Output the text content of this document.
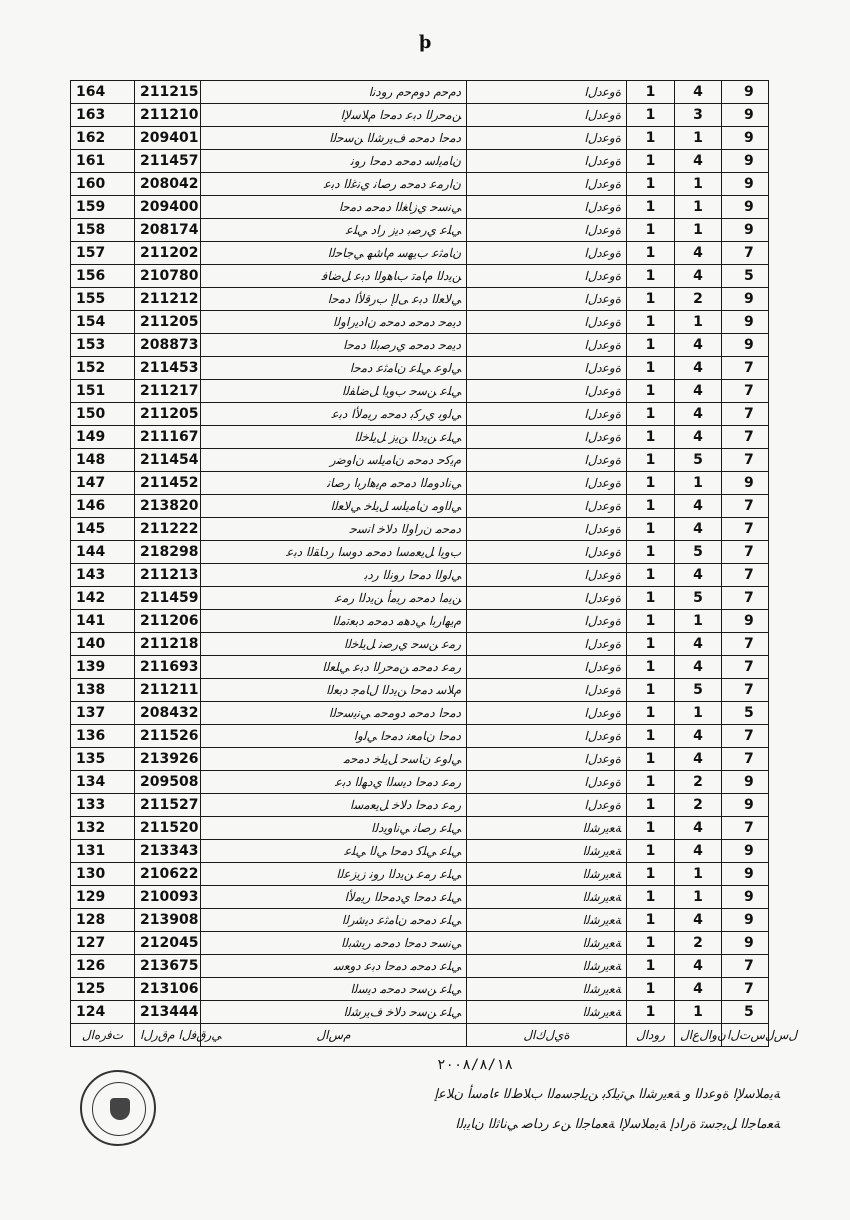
ϸ
164	211215	ﺩﻡﺣﻡ ﺩﻭﻡﺣﻡ ﺭﻭﺩﻧﺍ	ﺓﻭﻋﺩﻝﺍ	1	4	9
163	211210	ﻦﻣﺣﺭﻟﺍ ﺩﺑﻋ ﺩﻣﺣﺍ ﻡﻼﺳﻹﺍ	ﺓﻭﻋﺩﻝﺍ	1	3	9
162	209401	ﺩﻣﺣﺍ ﺩﻣﺣﻣ ﻑﻳﺭﺷﻟﺍ ﻦﺳﺣﻟﺍ	ﺓﻭﻋﺩﻝﺍ	1	1	9
161	211457	ﻥﺎﻣﻳﻟﺳ ﺩﻣﺣﻣ ﺩﻣﺣﺍ ﺭﻭﻧ	ﺓﻭﻋﺩﻝﺍ	1	4	9
160	208042	ﻥﺍﺭﻣﻋ ﺩﻣﺣﻣ ﺭﺻﺎﻧ ﻱﻧﻏﻟﺍ ﺩﺑﻋ	ﺓﻭﻋﺩﻝﺍ	1	1	9
159	209400	ﻲﻧﺳﺣ ﻱﺯﺎﻐﻟﺍ ﺩﻣﺣﻣ ﺩﻣﺣﺍ	ﺓﻭﻋﺩﻝﺍ	1	1	9
158	208174	ﻲﻠﻋ ﻱﺭﺻﺑ ﺩﻳﺯ ﺭﺍﺩ ﻲﻠﻋ	ﺓﻭﻋﺩﻝﺍ	1	1	9
157	211202	ﻥﺎﻣﺛﻋ ﺏﻳﻬﺳ ﻡﺎﺷﻬ ﻲﺟﺎﺣﻟﺍ	ﺓﻭﻋﺩﻝﺍ	1	4	7
156	210780	ﻦﻳﺩﻟﺍ ﻡﺎﻣﺗ ﺏﺎﻫﻭﻟﺍ ﺩﺑﻋ ﻞﺿﺎﻓ	ﺓﻭﻋﺩﻝﺍ	1	4	5
155	211212	ﻲﻟﺎﻌﻟﺍ ﺩﺑﻋ ﻰﻟﺇ ﺏﺭﻗﻷﺍ ﺩﻣﺣﺍ	ﺓﻭﻋﺩﻝﺍ	1	2	9
154	211205	ﺩﻳﻣﺣ ﺩﻣﺣﻣ ﺩﻣﺣﻣ ﻥﺍﺩﻳﺭﺍﻭﻟﺍ	ﺓﻭﻋﺩﻝﺍ	1	1	9
153	208873	ﺩﻳﻣﺣ ﺩﻣﺣﻣ ﻱﺭﺻﺑﻟﺍ ﺩﻣﺣﺍ	ﺓﻭﻋﺩﻝﺍ	1	4	9
152	211453	ﻲﻟﻭﻋ ﻲﻠﻋ ﻥﺎﻣﺛﻋ ﺩﻣﺣﺍ	ﺓﻭﻋﺩﻝﺍ	1	4	7
151	211217	ﻲﻠﻋ ﻦﺳﺣ ﺏﻭﻳﺍ ﻞﺿﺎﻔﻟﺍ	ﺓﻭﻋﺩﻝﺍ	1	4	7
150	211205	ﻲﻟﻭﺑ ﻱﺭﻛﺑ ﺩﻣﺣﻣ ﺭﻳﻣﻷﺍ ﺩﺑﻋ	ﺓﻭﻋﺩﻝﺍ	1	4	7
149	211167	ﻲﻠﻋ ﻦﻳﺩﻟﺍ ﻦﻳﺯ ﻞﻳﻠﺧﻟﺍ	ﺓﻭﻋﺩﻝﺍ	1	4	7
148	211454	ﻡﻳﻛﺣ ﺩﻣﺣﻣ ﻥﺎﻣﻳﻠﺳ ﻥﺍﻭﺿﺭ	ﺓﻭﻋﺩﻝﺍ	1	5	7
147	211452	ﻲﻧﺍﺩﻭﻣﻟﺍ ﺩﻣﺣﻣ ﻡﻳﻫﺍﺭﺑﺍ ﺭﺻﺎﻧ	ﺓﻭﻋﺩﻝﺍ	1	1	9
146	213820	ﻲﻟﺍﻭﻣ ﻥﺎﻣﻳﻠﺳ ﻞﻳﻠﺧ ﻲﻟﺎﻌﻟﺍ	ﺓﻭﻋﺩﻝﺍ	1	4	7
145	211222	ﺩﻣﺣﻣ ﻥﺭﺍﻭﻟﺍ ﺩﻟﺎﺧ ﺍﻧﺳﺣ	ﺓﻭﻋﺩﻝﺍ	1	4	7
144	218298	ﺏﻭﻳﺍ ﻞﻳﻌﻣﺳﺍ ﺩﻣﺣﻣ ﺩﻭﺳﺍ ﺭﺩﺎﻘﻟﺍ ﺩﺑﻋ	ﺓﻭﻋﺩﻝﺍ	1	5	7
143	211213	ﻲﻟﻭﻟﺍ ﺩﻣﺣﺍ ﺭﻭﻧﻟﺍ ﺭﺩﺑ	ﺓﻭﻋﺩﻝﺍ	1	4	7
142	211459	ﻦﻳﻣﺍ ﺩﻣﺣﻣ ﺭﻳﻣﺃ ﻦﻳﺩﻟﺍ ﺭﻣﻋ	ﺓﻭﻋﺩﻝﺍ	1	5	7
141	211206	ﻡﻳﻬﺍﺭﺑﺍ ﻲﺩﻫﻣ ﺩﻣﺣﻣ ﺩﺑﻌﺗﻣﻟﺍ	ﺓﻭﻋﺩﻝﺍ	1	1	9
140	211218	ﺭﻣﻋ ﻦﺳﺣ ﻱﺭﺻﻧ ﻞﻳﻠﺧﻟﺍ	ﺓﻭﻋﺩﻝﺍ	1	4	7
139	211693	ﺭﻣﻋ ﺩﻣﺣﻣ ﻦﻣﺣﺭﻟﺍ ﺩﺑﻋ ﻲﻠﻌﻟﺍ	ﺓﻭﻋﺩﻝﺍ	1	4	7
138	211211	ﻡﻼﺳ ﺩﻣﺣﺍ ﻦﻳﺩﻟﺍ ﻝﺎﻣﺟ ﺩﺑﻌﻟﺍ	ﺓﻭﻋﺩﻝﺍ	1	5	7
137	208432	ﺩﻣﺣﺍ ﺩﻣﺣﻣ ﺩﻭﻣﺣﻣ ﻲﻧﻳﺳﺣﻟﺍ	ﺓﻭﻋﺩﻝﺍ	1	1	5
136	211526	ﺩﻣﺣﺍ ﻥﺎﻣﻌﻧ ﺩﻣﺣﺍ ﻲﻟﻭﺍ	ﺓﻭﻋﺩﻝﺍ	1	4	7
135	213926	ﻲﻟﻭﻋ ﻥﺎﺳﺣ ﻞﻳﻠﺧ ﺩﻣﺣﻣ	ﺓﻭﻋﺩﻝﺍ	1	4	7
134	209508	ﺭﻣﻋ ﺩﻣﺣﺍ ﺩﻳﺳﻟﺍ ﻱﺩﻬﻟﺍ ﺩﺑﻋ	ﺓﻭﻋﺩﻝﺍ	1	2	9
133	211527	ﺭﻣﻋ ﺩﻣﺣﺍ ﺩﻟﺎﺧ ﻞﻳﻌﻣﺳﺍ	ﺓﻭﻋﺩﻝﺍ	1	2	9
132	211520	ﻲﻠﻋ ﺭﺻﺎﻧ ﻲﻧﺍﻭﻳﺩﻟﺍ	ﺔﻌﻳﺭﺷﻟﺍ	1	4	7
131	213343	ﻲﻠﻋ ﻲﻠﻛ ﺩﻣﺣﺍ ﻲﻟﺍ ﻲﻠﻋ	ﺔﻌﻳﺭﺷﻟﺍ	1	4	9
130	210622	ﻲﻠﻋ ﺭﻣﻋ ﻦﻳﺩﻟﺍ ﺭﻭﻧ ﺯﻳﺯﻋﻟﺍ	ﺔﻌﻳﺭﺷﻟﺍ	1	1	9
129	210093	ﻲﻠﻋ ﺩﻣﺣﺍ ﻱﺩﻣﺣﻟﺍ ﺭﻳﻣﻷﺍ	ﺔﻌﻳﺭﺷﻟﺍ	1	1	9
128	213908	ﻲﻠﻋ ﺩﻣﺣﻣ ﻥﺎﻣﺛﻋ ﺩﻳﺷﺭﻟﺍ	ﺔﻌﻳﺭﺷﻟﺍ	1	4	9
127	212045	ﻲﻧﺳﺣ ﺩﻣﺣﺍ ﺩﻣﺣﻣ ﺭﻳﺷﺑﻟﺍ	ﺔﻌﻳﺭﺷﻟﺍ	1	2	9
126	213675	ﻲﻠﻋ ﺩﻣﺣﻣ ﺩﻣﺣﺍ ﺩﺑﻋ ﺩﻭﻌﺳ	ﺔﻌﻳﺭﺷﻟﺍ	1	4	7
125	213106	ﻲﻠﻋ ﻦﺳﺣ ﺩﻣﺣﻣ ﺩﻳﺳﻟﺍ	ﺔﻌﻳﺭﺷﻟﺍ	1	4	7
124	213444	ﻲﻠﻋ ﻦﺳﺣ ﺩﻟﺎﺧ ﻑﻳﺭﺷﻟﺍ	ﺔﻌﻳﺭﺷﻟﺍ	1	1	5
ﺕﻓﺭﻩﺍﻝ	ﻲﺭﻕﻓﻝﺍ ﻡﻕﺭﻝﺍ	ﻡﺱﺍﻝ	ﺓﻱﻝﻙﺍﻝ	ﺭﻭﺩﺍﻝ	ﻥﻭﺍﻝﻉﺍﻝ	ﻝﺱﻝﺱﺕﻝﺍ
٢٠٠٨/٨/١٨
ﺔﻳﻣﻼﺳﻹﺍ ﺓﻭﻋﺩﻟﺍ ﻭ ﺔﻌﻳﺭﺷﻟﺍ ﻲﺗﻳﻠﻛﺑ ﻦﻳﻠﺟﺳﻣﻟﺍ ﺏﻼﻁﻟﺍ ﺀﺎﻣﺳﺃ ﻥﻼﻋﺇ
ﺔﻌﻣﺎﺟﻟﺍ ﻞﻳﺟﺳﺗ ﺓﺭﺍﺩﺇ ﺔﻳﻣﻼﺳﻹﺍ ﺔﻌﻣﺎﺟﻟﺍ ﻦﻋ ﺭﺩﺎﺻ ﻲﻧﺎﺛﻟﺍ ﻥﺎﻳﺑﻟﺍ
